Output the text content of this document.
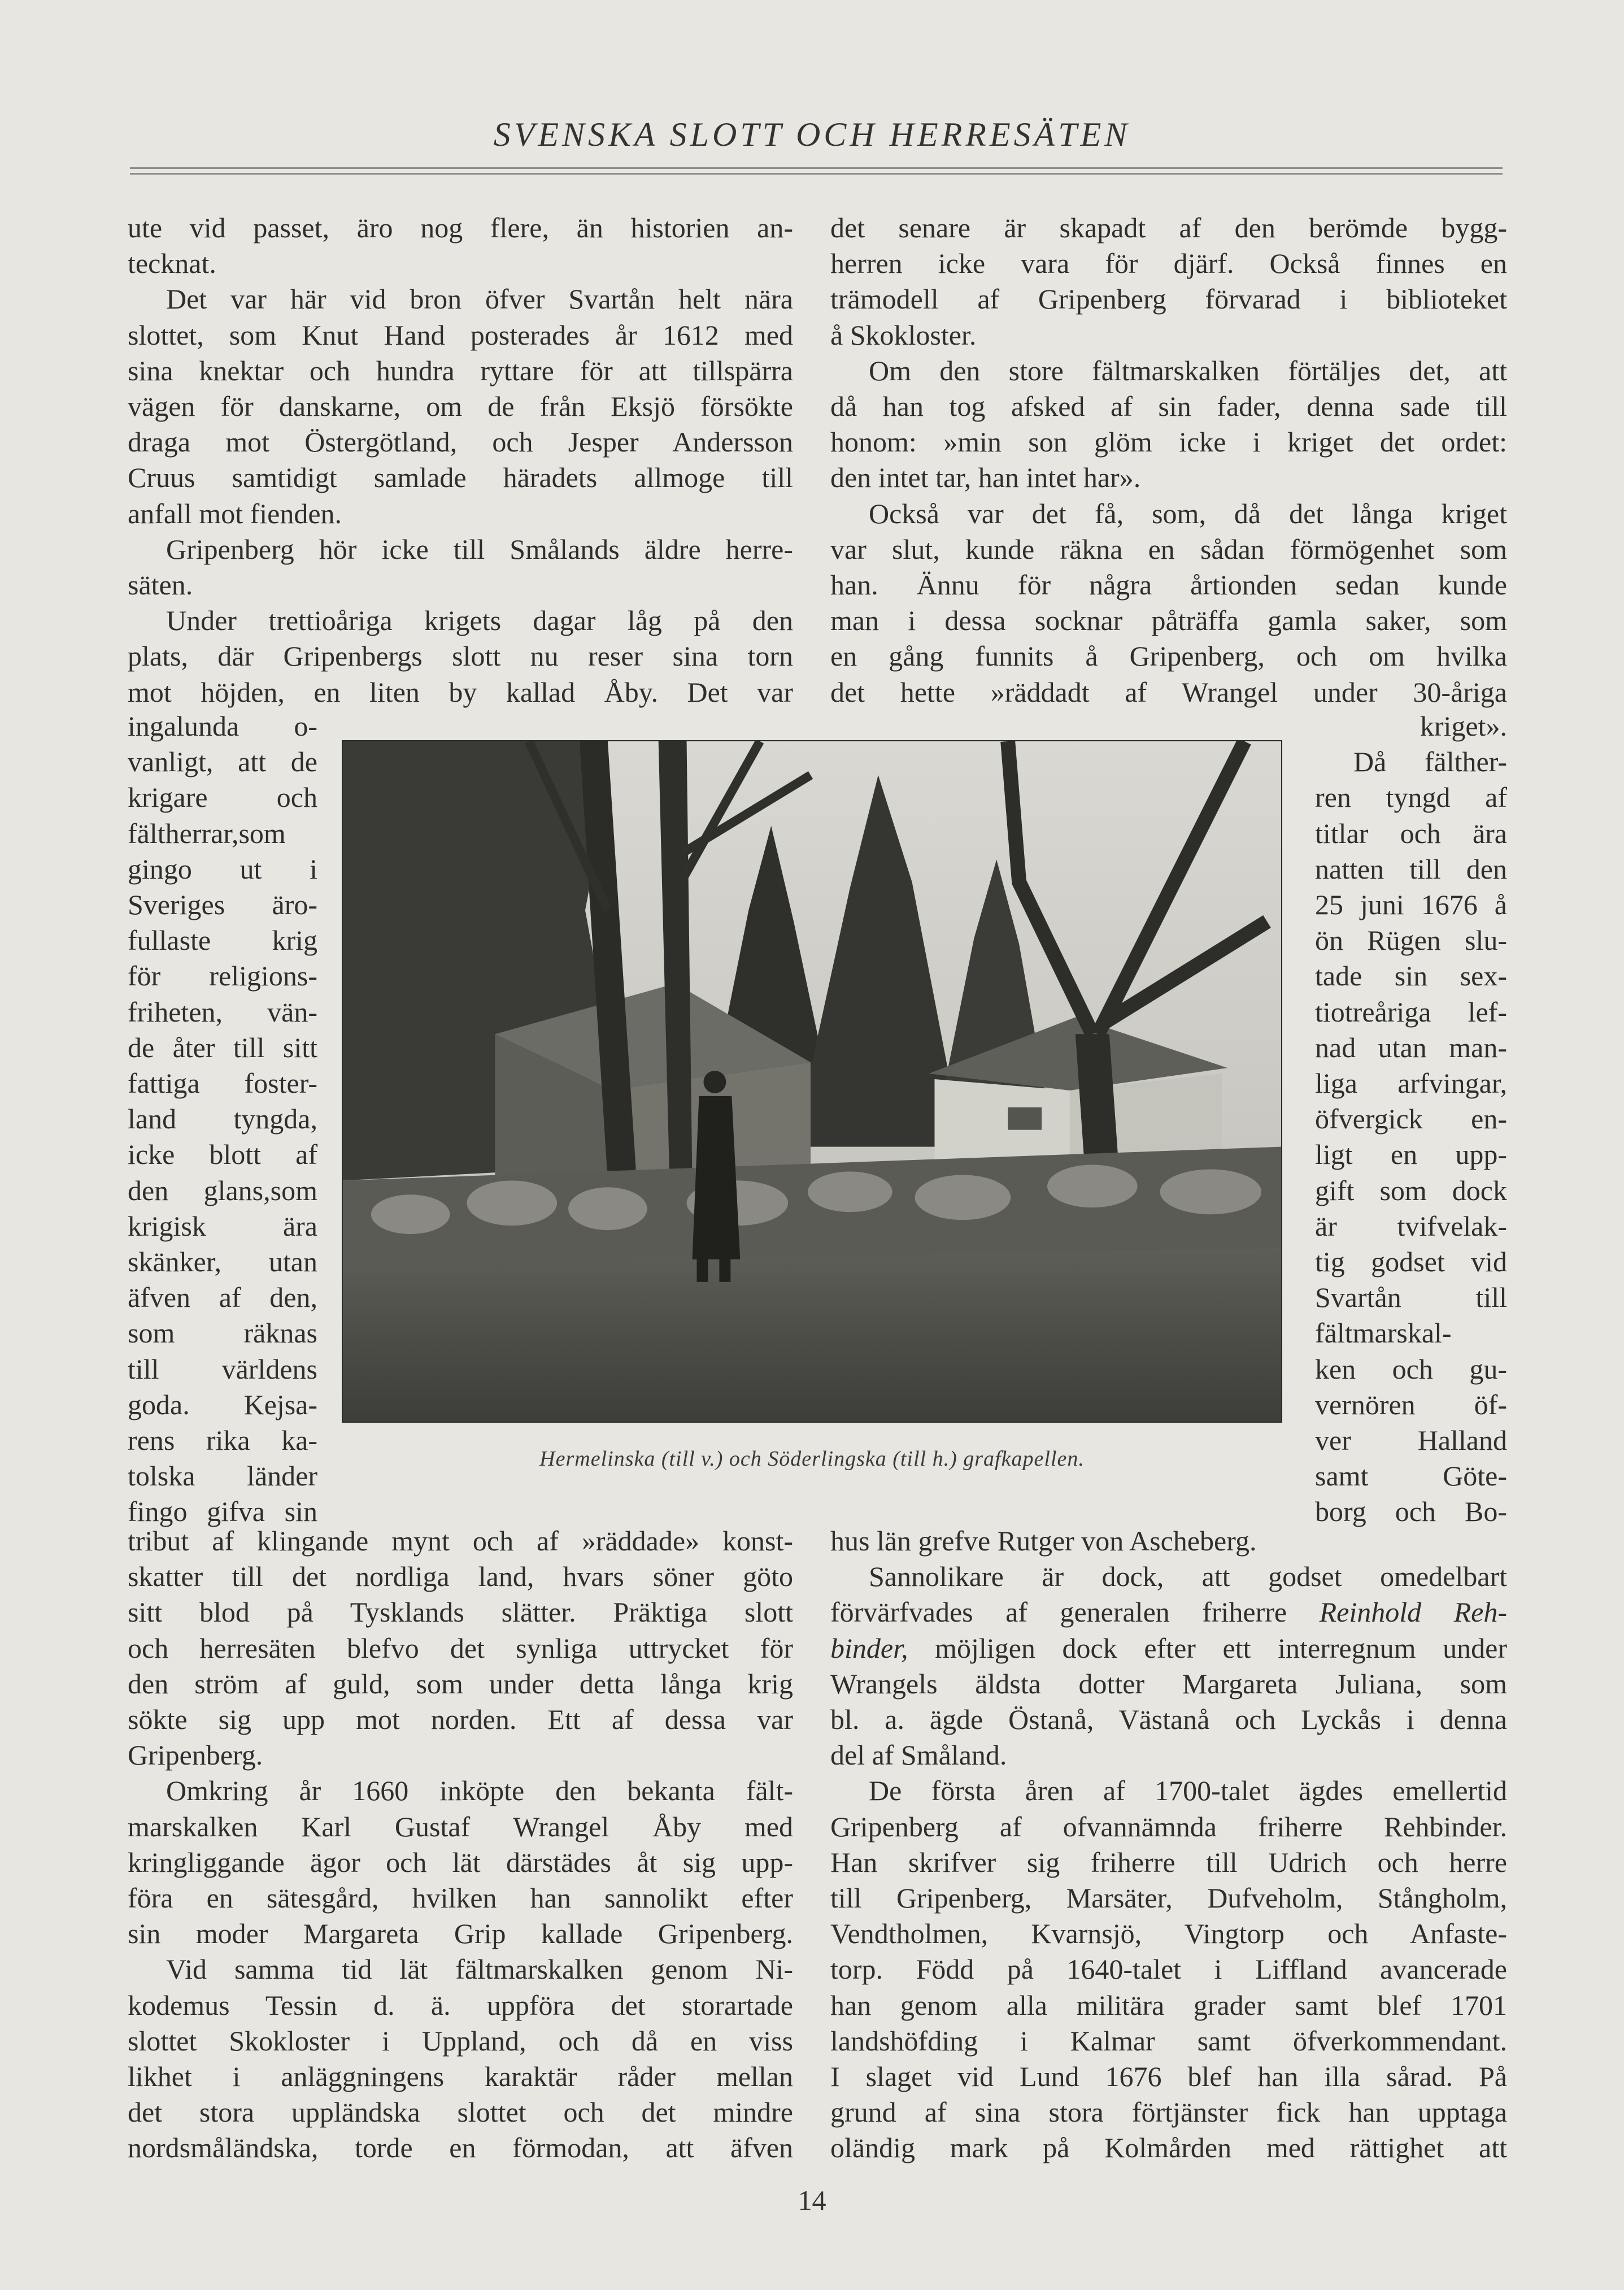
SVENSKA SLOTT OCH HERRESÄTEN

ute vid passet, äro nog flere, än historien an-

tecknat.

Det var här vid bron öfver Svartån helt nära

slottet, som Knut Hand posterades år 1612 med

sina knektar och hundra ryttare för att tillspärra

vägen för danskarne, om de från Eksjö försökte

draga mot Östergötland, och Jesper Andersson

Cruus samtidigt samlade häradets allmoge till

anfall mot fienden.

Gripenberg hör icke till Smålands äldre herre-

säten.

Under trettioåriga krigets dagar låg på den

plats, där Gripenbergs slott nu reser sina torn

mot höjden, en liten by kallad Åby. Det var

ingalunda o-

vanligt, att de

krigare och

fältherrar,som

gingo ut i

Sveriges äro-

fullaste krig

för religions-

friheten, vän-

de åter till sitt

fattiga foster-

land tyngda,

icke blott af

den glans,som

krigisk ära

skänker, utan

äfven af den,

som räknas

till världens

goda. Kejsa-

rens rika ka-

tolska länder

fingo gifva sin

tribut af klingande mynt och af »räddade» konst-

skatter till det nordliga land, hvars söner göto

sitt blod på Tysklands slätter. Präktiga slott

och herresäten blefvo det synliga uttrycket för

den ström af guld, som under detta långa krig

sökte sig upp mot norden. Ett af dessa var

Gripenberg.

Omkring år 1660 inköpte den bekanta fält-

marskalken Karl Gustaf Wrangel Åby med

kringliggande ägor och lät därstädes åt sig upp-

föra en sätesgård, hvilken han sannolikt efter

sin moder Margareta Grip kallade Gripenberg.

Vid samma tid lät fältmarskalken genom Ni-

kodemus Tessin d. ä. uppföra det storartade

slottet Skokloster i Uppland, och då en viss

likhet i anläggningens karaktär råder mellan

det stora uppländska slottet och det mindre

nordsmåländska, torde en förmodan, att äfven

det senare är skapadt af den berömde bygg-

herren icke vara för djärf. Också finnes en

trämodell af Gripenberg förvarad i biblioteket

å Skokloster.

Om den store fältmarskalken förtäljes det, att

då han tog afsked af sin fader, denna sade till

honom: »min son glöm icke i kriget det ordet:

den intet tar, han intet har».

Också var det få, som, då det långa kriget

var slut, kunde räkna en sådan förmögenhet som

han. Ännu för några årtionden sedan kunde

man i dessa socknar påträffa gamla saker, som

en gång funnits å Gripenberg, och om hvilka

det hette »räddadt af Wrangel under 30-åriga

kriget».

Då fälther-

ren tyngd af

titlar och ära

natten till den

25 juni 1676 å

ön Rügen slu-

tade sin sex-

tiotreåriga lef-

nad utan man-

liga arfvingar,

öfvergick en-

ligt en upp-

gift som dock

är tvifvelak-

tig godset vid

Svartån till

fältmarskal-

ken och gu-

vernören öf-

ver Halland

samt Göte-

borg och Bo-

hus län grefve Rutger von Ascheberg.

Sannolikare är dock, att godset omedelbart

förvärfvades af generalen friherre Reinhold Reh-

binder, möjligen dock efter ett interregnum under

Wrangels äldsta dotter Margareta Juliana, som

bl. a. ägde Östanå, Västanå och Lyckås i denna

del af Småland.

De första åren af 1700-talet ägdes emellertid

Gripenberg af ofvannämnda friherre Rehbinder.

Han skrifver sig friherre till Udrich och herre

till Gripenberg, Marsäter, Dufveholm, Stångholm,

Vendtholmen, Kvarnsjö, Vingtorp och Anfaste-

torp. Född på 1640-talet i Liffland avancerade

han genom alla militära grader samt blef 1701

landshöfding i Kalmar samt öfverkommendant.

I slaget vid Lund 1676 blef han illa sårad. På

grund af sina stora förtjänster fick han upptaga

oländig mark på Kolmården med rättighet att

Hermelinska (till v.) och Söderlingska (till h.) grafkapellen.
14
